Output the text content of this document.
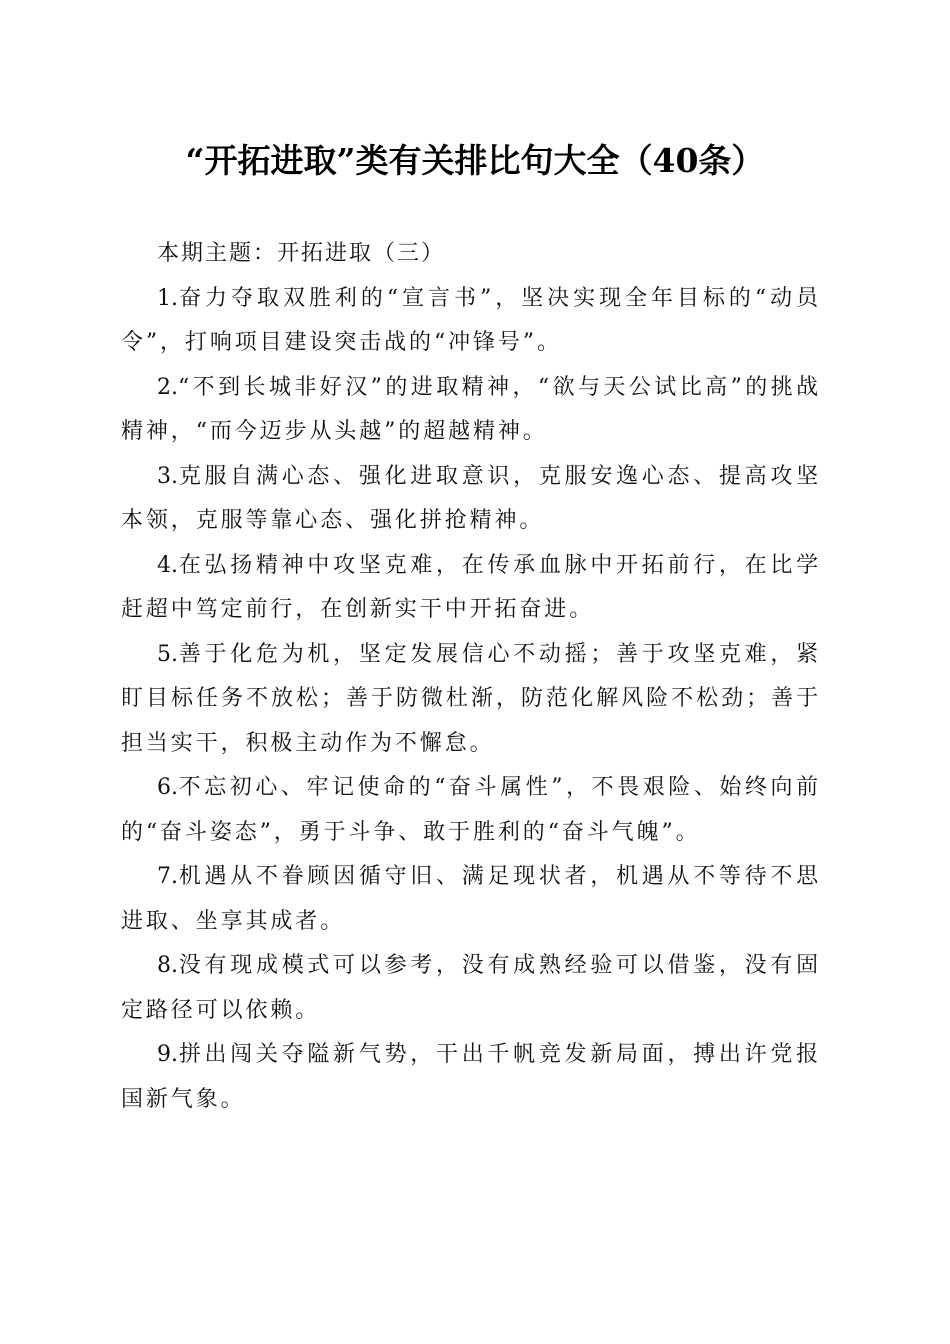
“开拓进取”类有关排比句大全（40条）

本期主题：开拓进取（三）

1.奋力夺取双胜利的“宣言书”，坚决实现全年目标的“动员令”，打响项目建设突击战的“冲锋号”。

2.“不到长城非好汉”的进取精神，“欲与天公试比高”的挑战精神，“而今迈步从头越”的超越精神。

3.克服自满心态、强化进取意识，克服安逸心态、提高攻坚本领，克服等靠心态、强化拼抢精神。

4.在弘扬精神中攻坚克难，在传承血脉中开拓前行，在比学赶超中笃定前行，在创新实干中开拓奋进。

5.善于化危为机，坚定发展信心不动摇；善于攻坚克难，紧盯目标任务不放松；善于防微杜渐，防范化解风险不松劲；善于担当实干，积极主动作为不懈怠。

6.不忘初心、牢记使命的“奋斗属性”，不畏艰险、始终向前的“奋斗姿态”，勇于斗争、敢于胜利的“奋斗气魄”。

7.机遇从不眷顾因循守旧、满足现状者，机遇从不等待不思进取、坐享其成者。

8.没有现成模式可以参考，没有成熟经验可以借鉴，没有固定路径可以依赖。

9.拼出闯关夺隘新气势，干出千帆竞发新局面，搏出许党报国新气象。
